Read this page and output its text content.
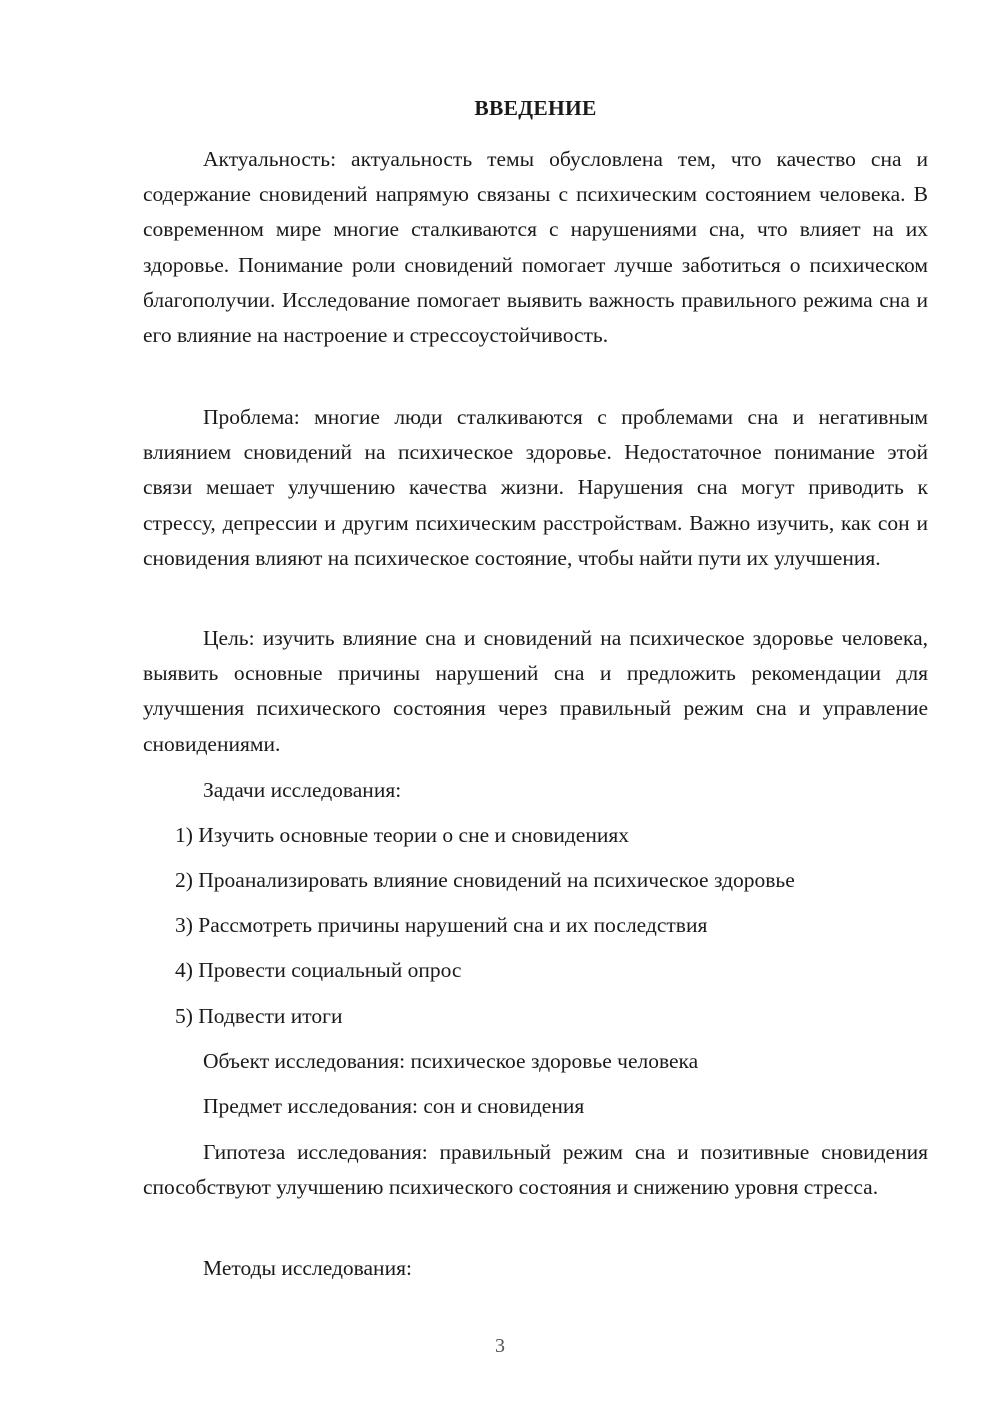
ВВЕДЕНИЕ

Актуальность: актуальность темы обусловлена тем, что качество сна и содержание сновидений напрямую связаны с психическим состоянием человека. В современном мире многие сталкиваются с нарушениями сна, что влияет на их здоровье. Понимание роли сновидений помогает лучше заботиться о психическом благополучии. Исследование помогает выявить важность правильного режима сна и его влияние на настроение и стрессоустойчивость.

Проблема: многие люди сталкиваются с проблемами сна и негативным влиянием сновидений на психическое здоровье. Недостаточное понимание этой связи мешает улучшению качества жизни. Нарушения сна могут приводить к стрессу, депрессии и другим психическим расстройствам. Важно изучить, как сон и сновидения влияют на психическое состояние, чтобы найти пути их улучшения.

Цель: изучить влияние сна и сновидений на психическое здоровье человека, выявить основные причины нарушений сна и предложить рекомендации для улучшения психического состояния через правильный режим сна и управление сновидениями.

Задачи исследования:
1) Изучить основные теории о сне и сновидениях
2) Проанализировать влияние сновидений на психическое здоровье
3) Рассмотреть причины нарушений сна и их последствия
4) Провести социальный опрос
5) Подвести итоги
Объект исследования: психическое здоровье человека
Предмет исследования: сон и сновидения

Гипотеза исследования: правильный режим сна и позитивные сновидения способствуют улучшению психического состояния и снижению уровня стресса.

Методы исследования:
3
